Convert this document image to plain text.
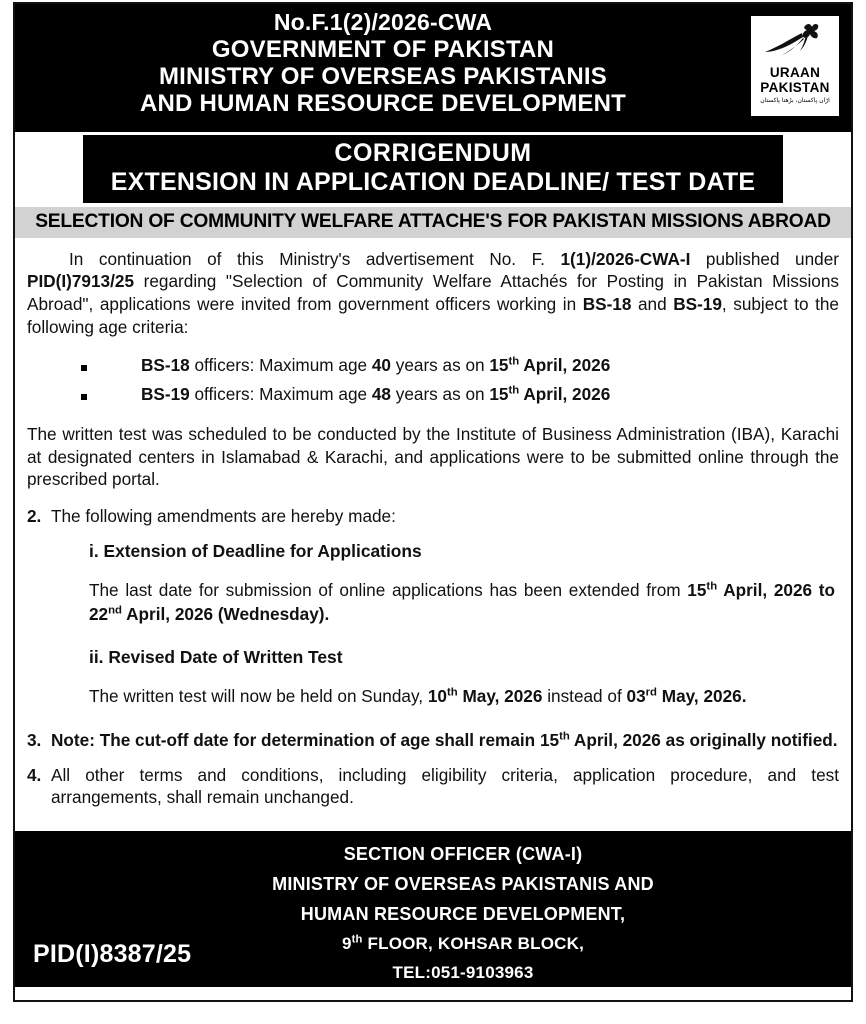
No.F.1(2)/2026-CWA
GOVERNMENT OF PAKISTAN
MINISTRY OF OVERSEAS PAKISTANIS
AND HUMAN RESOURCE DEVELOPMENT
URAAN
PAKISTAN
اڑان پاکستان، بڑھتا پاکستان
CORRIGENDUM
EXTENSION IN APPLICATION DEADLINE/ TEST DATE
SELECTION OF COMMUNITY WELFARE ATTACHE'S FOR PAKISTAN MISSIONS ABROAD

In continuation of this Ministry's advertisement No. F. 1(1)/2026-CWA-I published under PID(I)7913/25 regarding "Selection of Community Welfare Attachés for Posting in Pakistan Missions Abroad", applications were invited from government officers working in BS-18 and BS-19, subject to the following age criteria:

BS-18 officers: Maximum age 40 years as on 15th April, 2026
BS-19 officers: Maximum age 48 years as on 15th April, 2026

The written test was scheduled to be conducted by the Institute of Business Administration (IBA), Karachi at designated centers in Islamabad & Karachi, and applications were to be submitted online through the prescribed portal.

2. The following amendments are hereby made:
i. Extension of Deadline for Applications
The last date for submission of online applications has been extended from 15th April, 2026 to 22nd April, 2026 (Wednesday).
ii. Revised Date of Written Test
The written test will now be held on Sunday, 10th May, 2026 instead of 03rd May, 2026.
3. Note: The cut-off date for determination of age shall remain 15th April, 2026 as originally notified.
4. All other terms and conditions, including eligibility criteria, application procedure, and test arrangements, shall remain unchanged.
SECTION OFFICER (CWA-I)
MINISTRY OF OVERSEAS PAKISTANIS AND
HUMAN RESOURCE DEVELOPMENT,
9th FLOOR, KOHSAR BLOCK,
TEL:051-9103963
PID(I)8387/25
